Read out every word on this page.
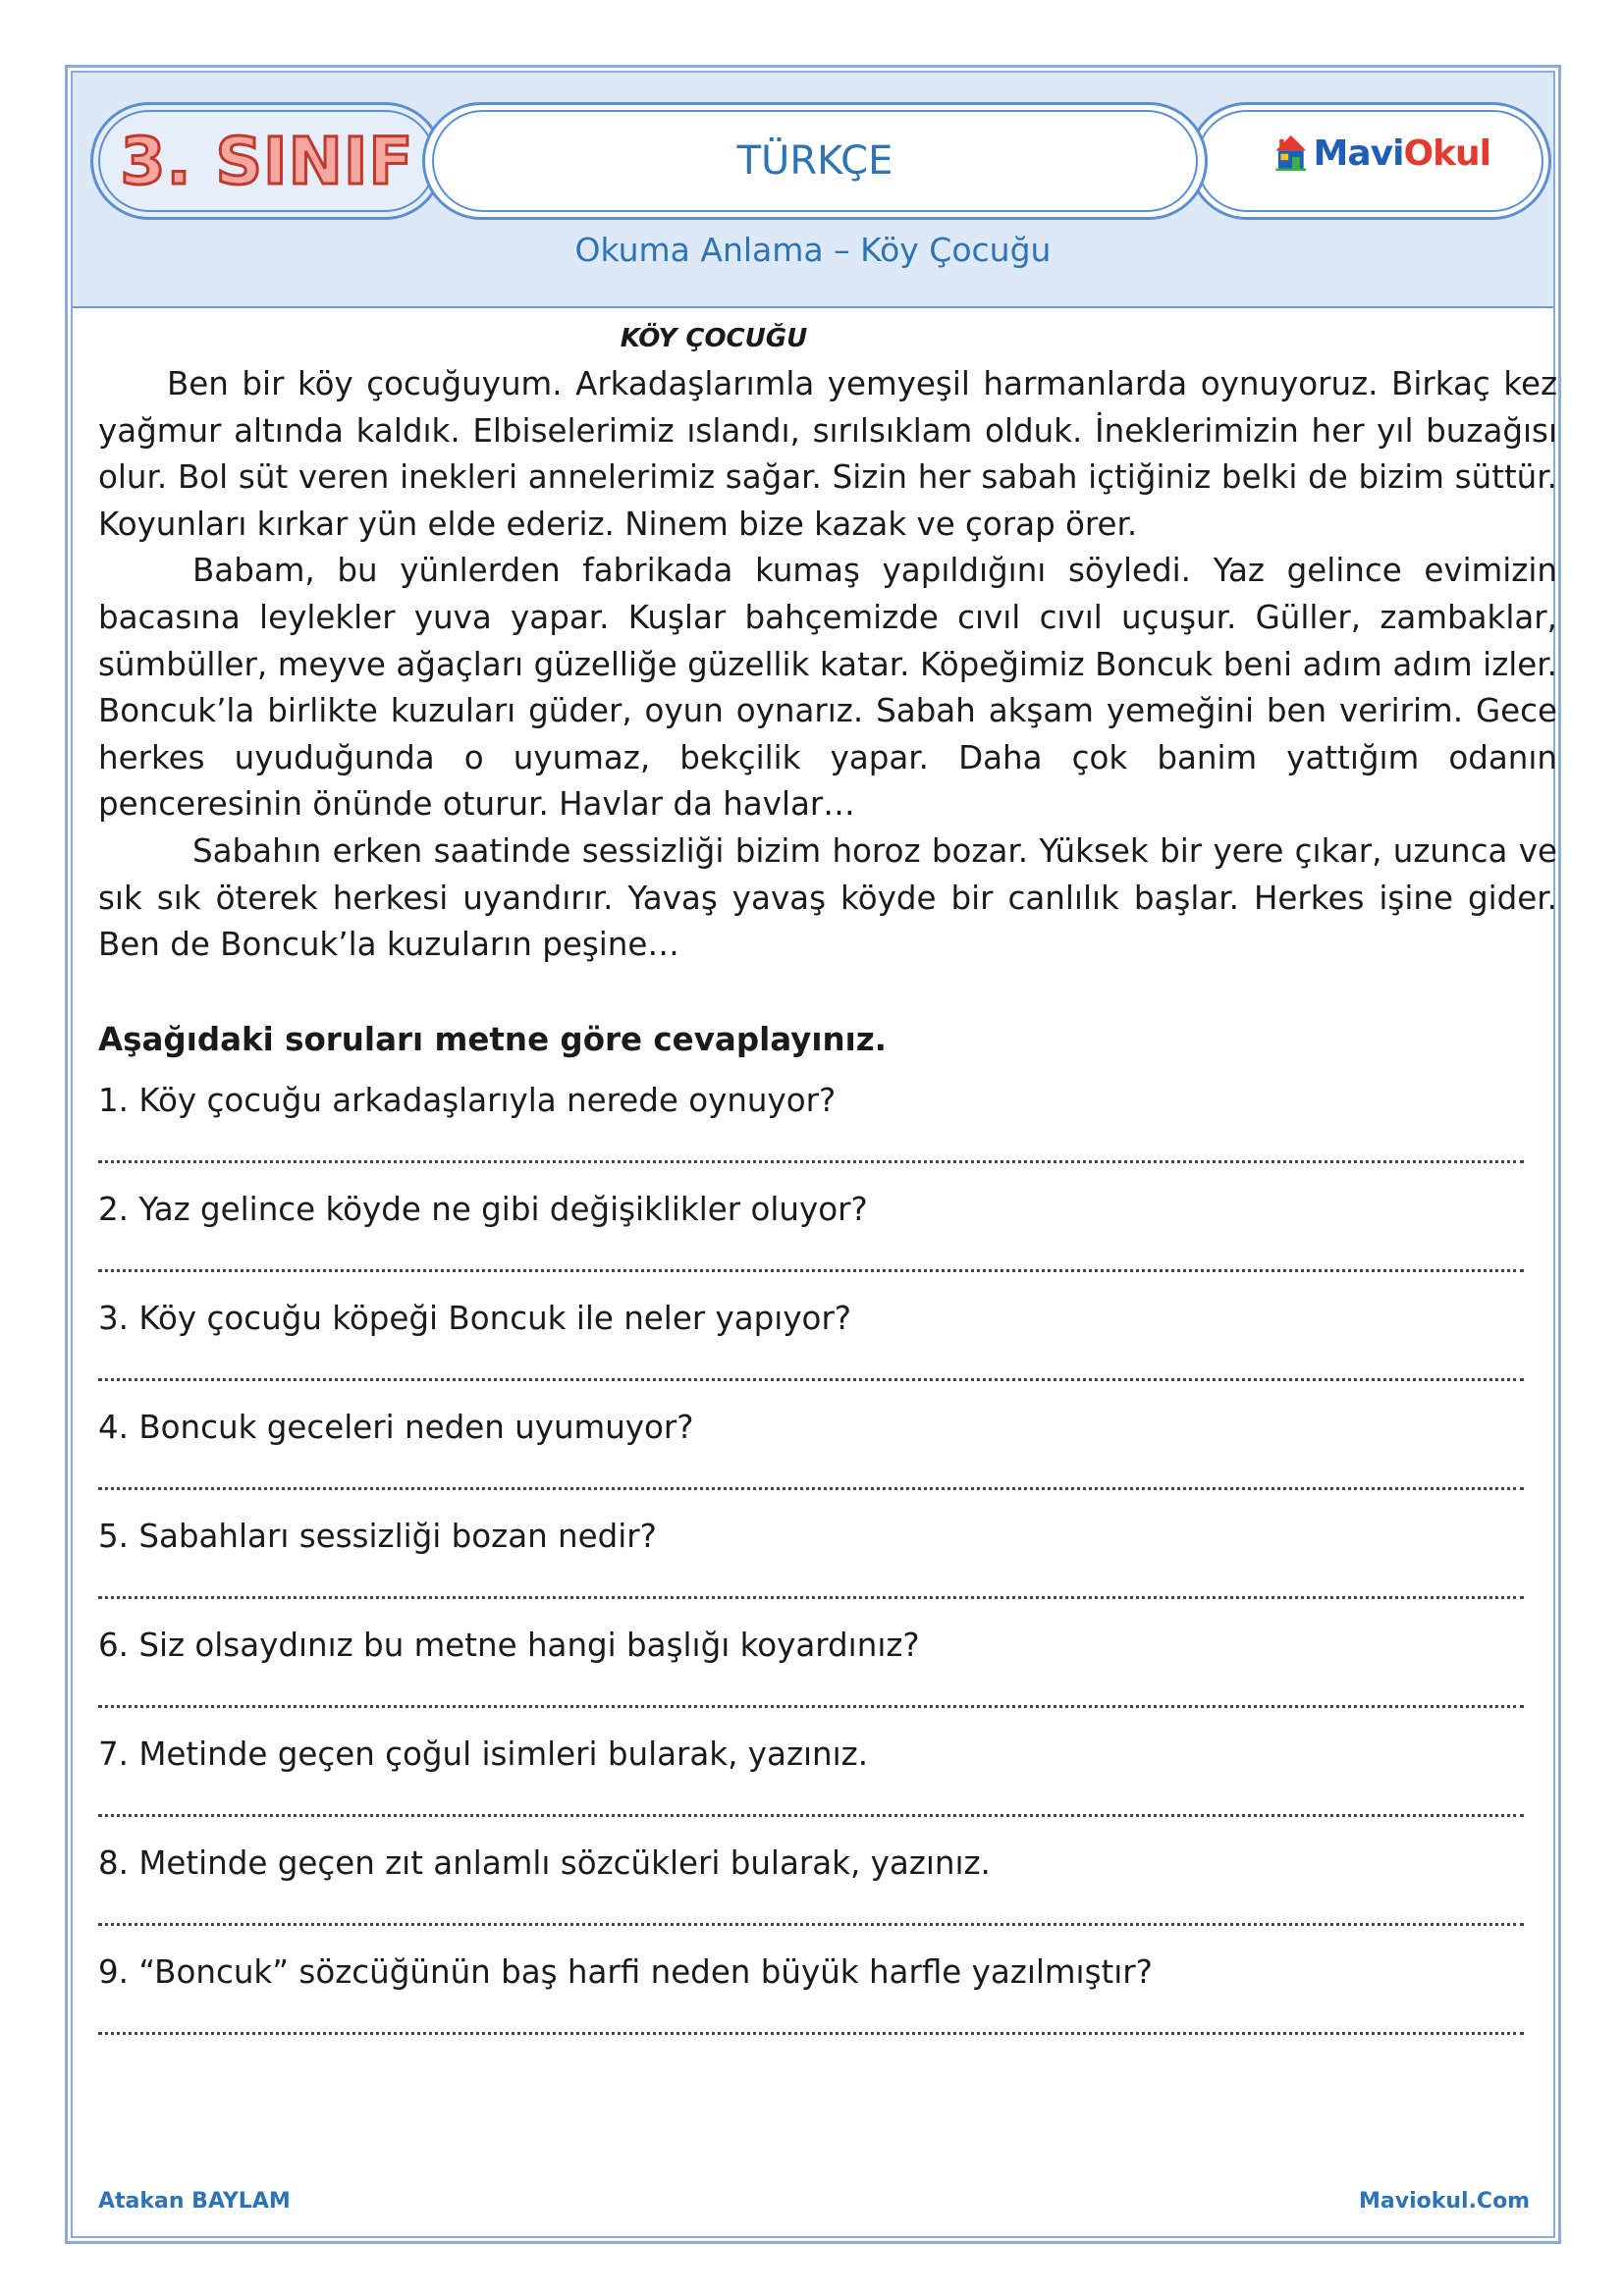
3. SINIF	TÜRKÇE	MaviOkul
Okuma Anlama – Köy Çocuğu
KÖY ÇOCUĞU

Ben bir köy çocuğuyum. Arkadaşlarımla yemyeşil harmanlarda oynuyoruz. Birkaç kez yağmur altında kaldık. Elbiselerimiz ıslandı, sırılsıklam olduk. İneklerimizin her yıl buzağısı olur. Bol süt veren inekleri annelerimiz sağar. Sizin her sabah içtiğiniz belki de bizim süttür. Koyunları kırkar yün elde ederiz. Ninem bize kazak ve çorap örer.

Babam, bu yünlerden fabrikada kumaş yapıldığını söyledi. Yaz gelince evimizin bacasına leylekler yuva yapar. Kuşlar bahçemizde cıvıl cıvıl uçuşur. Güller, zambaklar, sümbüller, meyve ağaçları güzelliğe güzellik katar. Köpeğimiz Boncuk beni adım adım izler. Boncuk’la birlikte kuzuları güder, oyun oynarız. Sabah akşam yemeğini ben veririm. Gece herkes uyuduğunda o uyumaz, bekçilik yapar. Daha çok banim yattığım odanın penceresinin önünde oturur. Havlar da havlar…

Sabahın erken saatinde sessizliği bizim horoz bozar. Yüksek bir yere çıkar, uzunca ve sık sık öterek herkesi uyandırır. Yavaş yavaş köyde bir canlılık başlar. Herkes işine gider. Ben de Boncuk’la kuzuların peşine…

Aşağıdaki soruları metne göre cevaplayınız.
1. Köy çocuğu arkadaşlarıyla nerede oynuyor?
2. Yaz gelince köyde ne gibi değişiklikler oluyor?
3. Köy çocuğu köpeği Boncuk ile neler yapıyor?
4. Boncuk geceleri neden uyumuyor?
5. Sabahları sessizliği bozan nedir?
6. Siz olsaydınız bu metne hangi başlığı koyardınız?
7. Metinde geçen çoğul isimleri bularak, yazınız.
8. Metinde geçen zıt anlamlı sözcükleri bularak, yazınız.
9. “Boncuk” sözcüğünün baş harfi neden büyük harfle yazılmıştır?
Atakan BAYLAM	Maviokul.Com
